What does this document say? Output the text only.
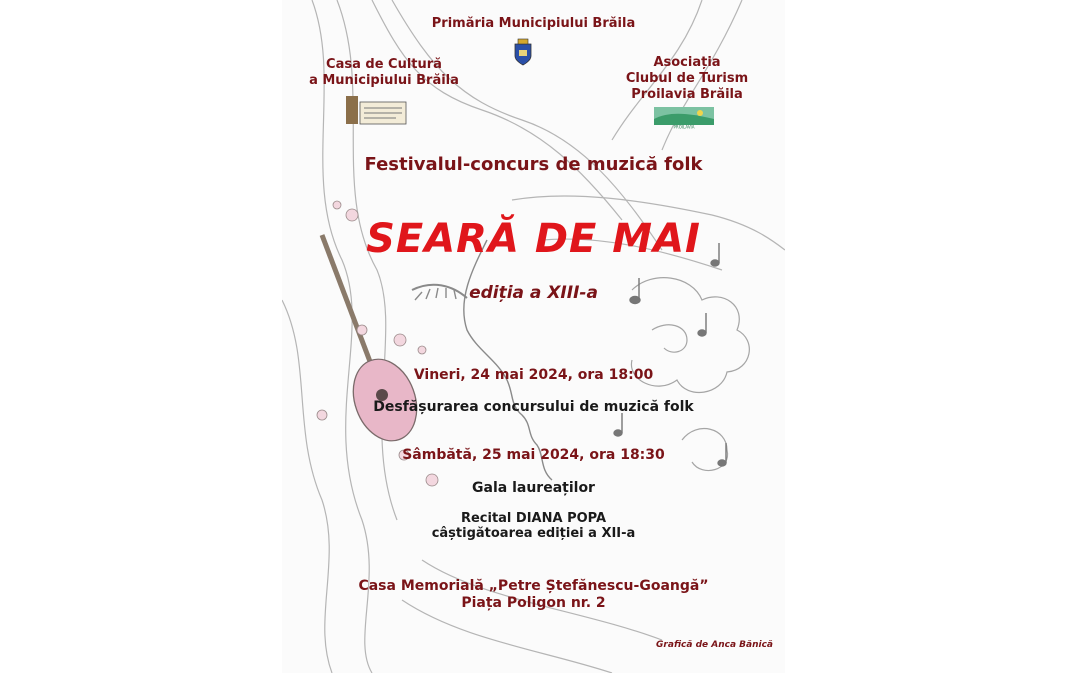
Primăria Municipiului Brăila
Casa de Cultură
a Municipiului Brăila
Asociația
Clubul de Turism
Proilavia Brăila
PROILAVIA
Festivalul-concurs de muzică folk
SEARĂ DE MAI
ediția a XIII-a
Vineri, 24 mai 2024, ora 18:00
Desfășurarea concursului de muzică folk
Sâmbătă, 25 mai 2024, ora 18:30
Gala laureaților
Recital DIANA POPA
câștigătoarea ediției a XII-a
Casa Memorială „Petre Ștefănescu-Goangă”
Piața Poligon nr. 2
Grafică de Anca Bănică
